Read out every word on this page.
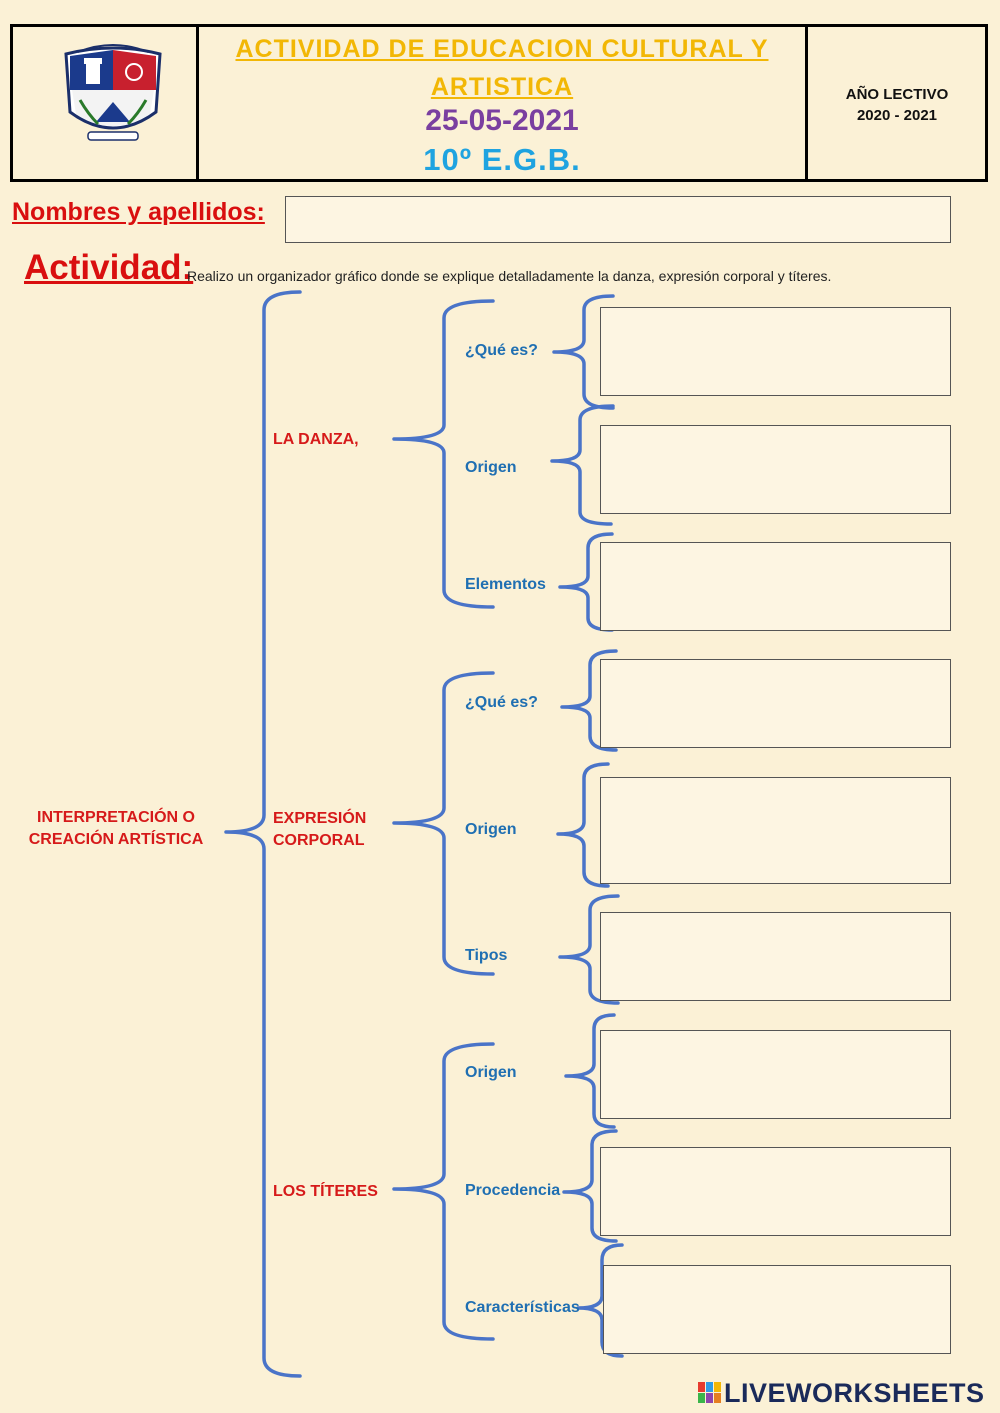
ACTIVIDAD DE EDUCACION CULTURAL Y ARTISTICA
25-05-2021
10º E.G.B.
AÑO LECTIVO
2020 - 2021
Nombres y apellidos:
Actividad:
Realizo un organizador gráfico donde se explique detalladamente la danza, expresión corporal y títeres.
INTERPRETACIÓN O CREACIÓN ARTÍSTICA
LA DANZA,
EXPRESIÓN CORPORAL
LOS TÍTERES
¿Qué es?
Origen
Elementos
¿Qué es?
Origen
Tipos
Origen
Procedencia
Características
LIVEWORKSHEETS
